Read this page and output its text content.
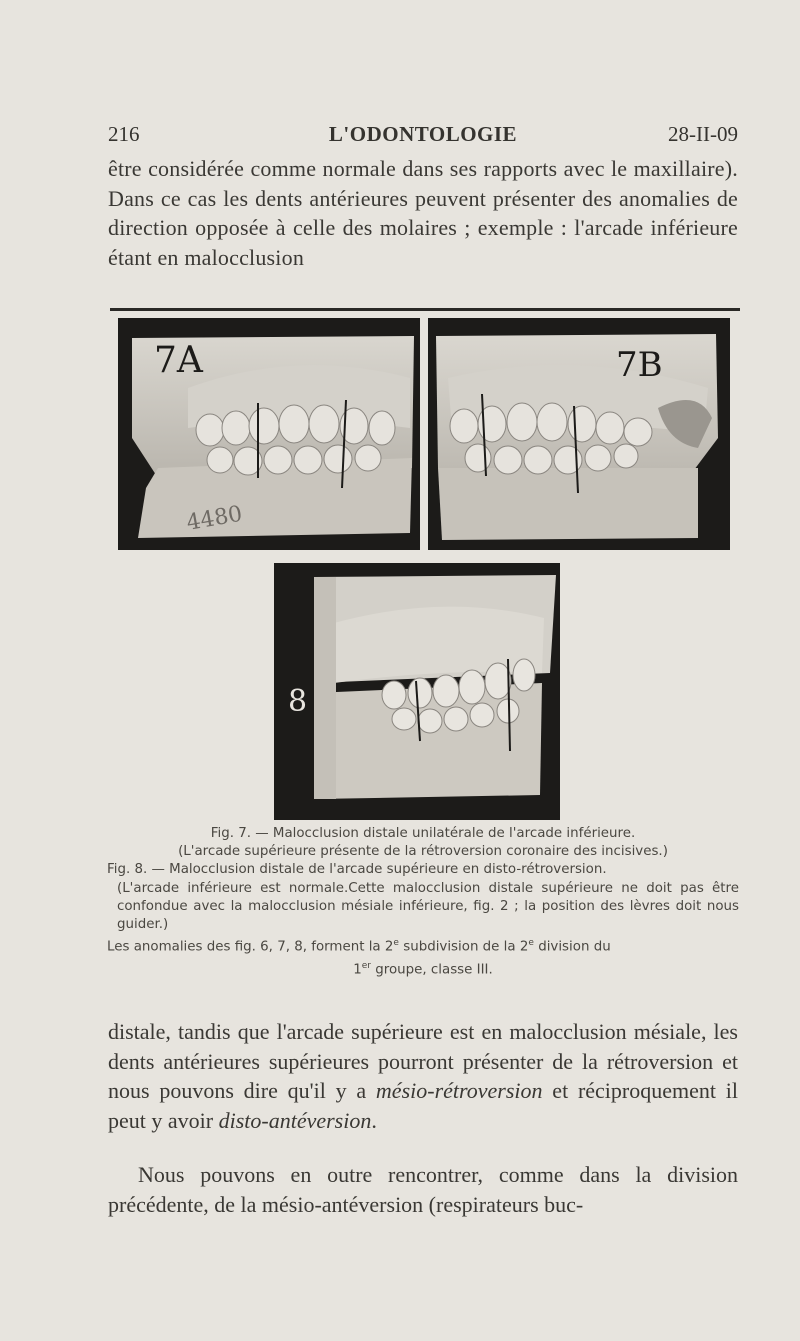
216	L'ODONTOLOGIE	28-II-09
être considérée comme normale dans ses rapports avec le maxillaire). Dans ce cas les dents antérieures peuvent présenter des anomalies de direction opposée à celle des molaires ; exemple : l'arcade inférieure étant en malocclusion
7A
4480
7B
8
Fig. 7. — Malocclusion distale unilatérale de l'arcade inférieure.
(L'arcade supérieure présente de la rétroversion coronaire des incisives.)
Fig. 8. — Malocclusion distale de l'arcade supérieure en disto-rétroversion.
(L'arcade inférieure est normale.Cette malocclusion distale supérieure ne doit pas être confondue avec la malocclusion mésiale inférieure, fig. 2 ; la position des lèvres doit nous guider.)
Les anomalies des fig. 6, 7, 8, forment la 2e subdivision de la 2e division du
1er groupe, classe III.
distale, tandis que l'arcade supérieure est en malocclusion mésiale, les dents antérieures supérieures pourront présenter de la rétroversion et nous pouvons dire qu'il y a mésio-rétroversion et réciproquement il peut y avoir disto-antéversion.
Nous pouvons en outre rencontrer, comme dans la division précédente, de la mésio-antéversion (respirateurs buc-
